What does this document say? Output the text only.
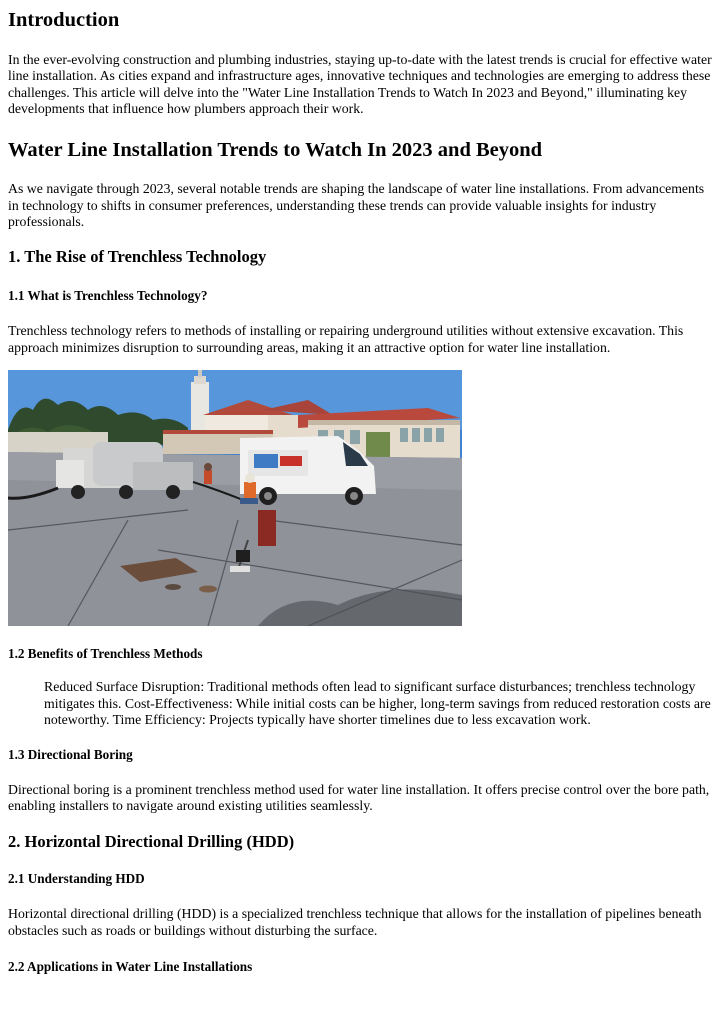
Introduction

In the ever-evolving construction and plumbing industries, staying up-to-date with the latest trends is crucial for effective water line installation. As cities expand and infrastructure ages, innovative techniques and technologies are emerging to address these challenges. This article will delve into the "Water Line Installation Trends to Watch In 2023 and Beyond," illuminating key developments that influence how plumbers approach their work.

Water Line Installation Trends to Watch In 2023 and Beyond

As we navigate through 2023, several notable trends are shaping the landscape of water line installations. From advancements in technology to shifts in consumer preferences, understanding these trends can provide valuable insights for industry professionals.

1. The Rise of Trenchless Technology
1.1 What is Trenchless Technology?

Trenchless technology refers to methods of installing or repairing underground utilities without extensive excavation. This approach minimizes disruption to surrounding areas, making it an attractive option for water line installation.

1.2 Benefits of Trenchless Methods
Reduced Surface Disruption: Traditional methods often lead to significant surface disturbances; trenchless technology mitigates this. Cost-Effectiveness: While initial costs can be higher, long-term savings from reduced restoration costs are noteworthy. Time Efficiency: Projects typically have shorter timelines due to less excavation work.
1.3 Directional Boring

Directional boring is a prominent trenchless method used for water line installation. It offers precise control over the bore path, enabling installers to navigate around existing utilities seamlessly.

2. Horizontal Directional Drilling (HDD)
2.1 Understanding HDD

Horizontal directional drilling (HDD) is a specialized trenchless technique that allows for the installation of pipelines beneath obstacles such as roads or buildings without disturbing the surface.

2.2 Applications in Water Line Installations
